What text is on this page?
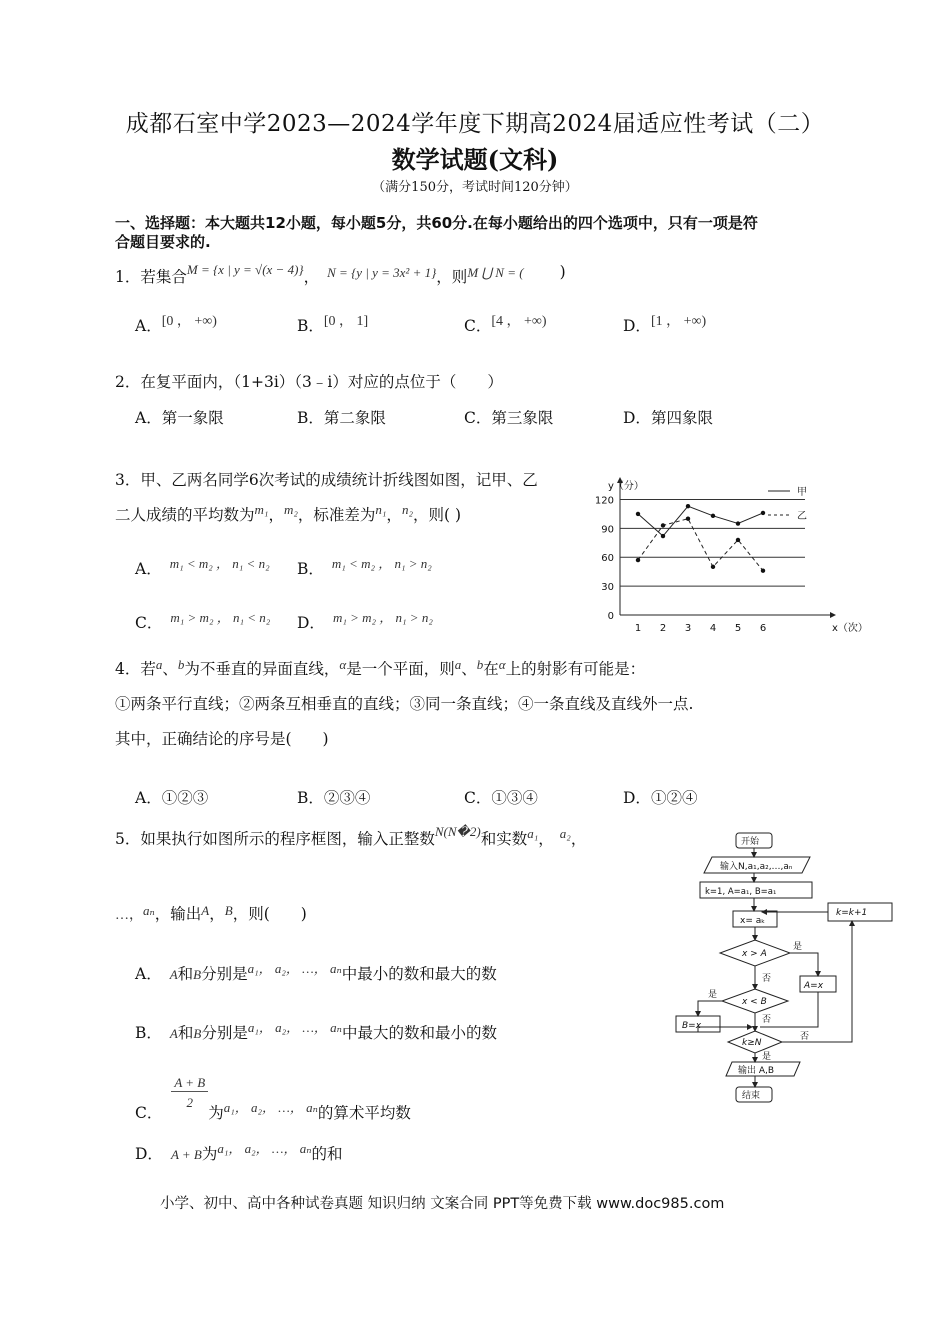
成都石室中学2023—2024学年度下期高2024届适应性考试（二）
数学试题(文科)
（满分150分，考试时间120分钟）
一、选择题：本大题共12小题，每小题5分，共60分.在每小题给出的四个选项中，只有一项是符
合题目要求的.
1．若集合$^{M = \{x | y = √(x - 4)\}}$， $^{N = \{y | y = 3x^2 + 1\}}$，则$^{M ⋃ N = (}$ )
A．[0 ， +∞)	B．[0 ， 1]	C．[4 ， +∞)	D．[1 ， +∞)
2．在复平面内，（1+3i）（3﹣i）对应的点位于（　　）
A．第一象限	B．第二象限	C．第三象限	D．第四象限
3．甲、乙两名同学6次考试的成绩统计折线图如图，记甲、乙
二人成绩的平均数为$^{m_1}$，$^{m_2}$，标准差为$^{n_1}$，$^{n_2}$，则( )
A． $^{m_1 < m_2 , n_1 < n_2}$ B． $^{m_1 < m_2 , n_1 > n_2}$
C． $^{m_1 > m_2 , n_1 < n_2}$ D． $^{m_1 > m_2 , n_1 > n_2}$	0
30
60
90
120
1 2 3 4 5 6
y（分）
x（次）
甲
乙
4．若$^a$、$^b$为不垂直的异面直线，$^\alpha$是一个平面，则$^a$、$^b$在$^\alpha$上的射影有可能是：
①两条平行直线；②两条互相垂直的直线；③同一条直线；④一条直线及直线外一点.
其中，正确结论的序号是(　　)
A．①②③	B．②③④	C．①③④	D．①②④
5．如果执行如图所示的程序框图，输入正整数$^{N(N�2)}$和实数$^{a_1}$， $^{a_2}$，
…，$^{a_n}$，输出$^A$，$^B$，则(　　)
A． A和B分别是$^{a_1, a_2, \dots, a_n}$中最小的数和最大的数
B． A和B分别是$^{a_1, a_2, \dots, a_n}$中最大的数和最小的数
C．
$\frac{A + B}{2}$
为$_{a_1, a_2, \dots, a_n}$的算术平均数
D． A + B为$^{a_1, a_2, \dots, a_n}$的和
开始
输入N,a₁,a₂,…,aₙ
k=1, A=a₁, B=a₁
x= aₖ
x > A
是
否
A=x
x < B
是
否
B=x
k≥N
否
是
输出 A,B
结束
k=k+1
小学、初中、高中各种试卷真题 知识归纳 文案合同 PPT等免费下载 www.doc985.com
